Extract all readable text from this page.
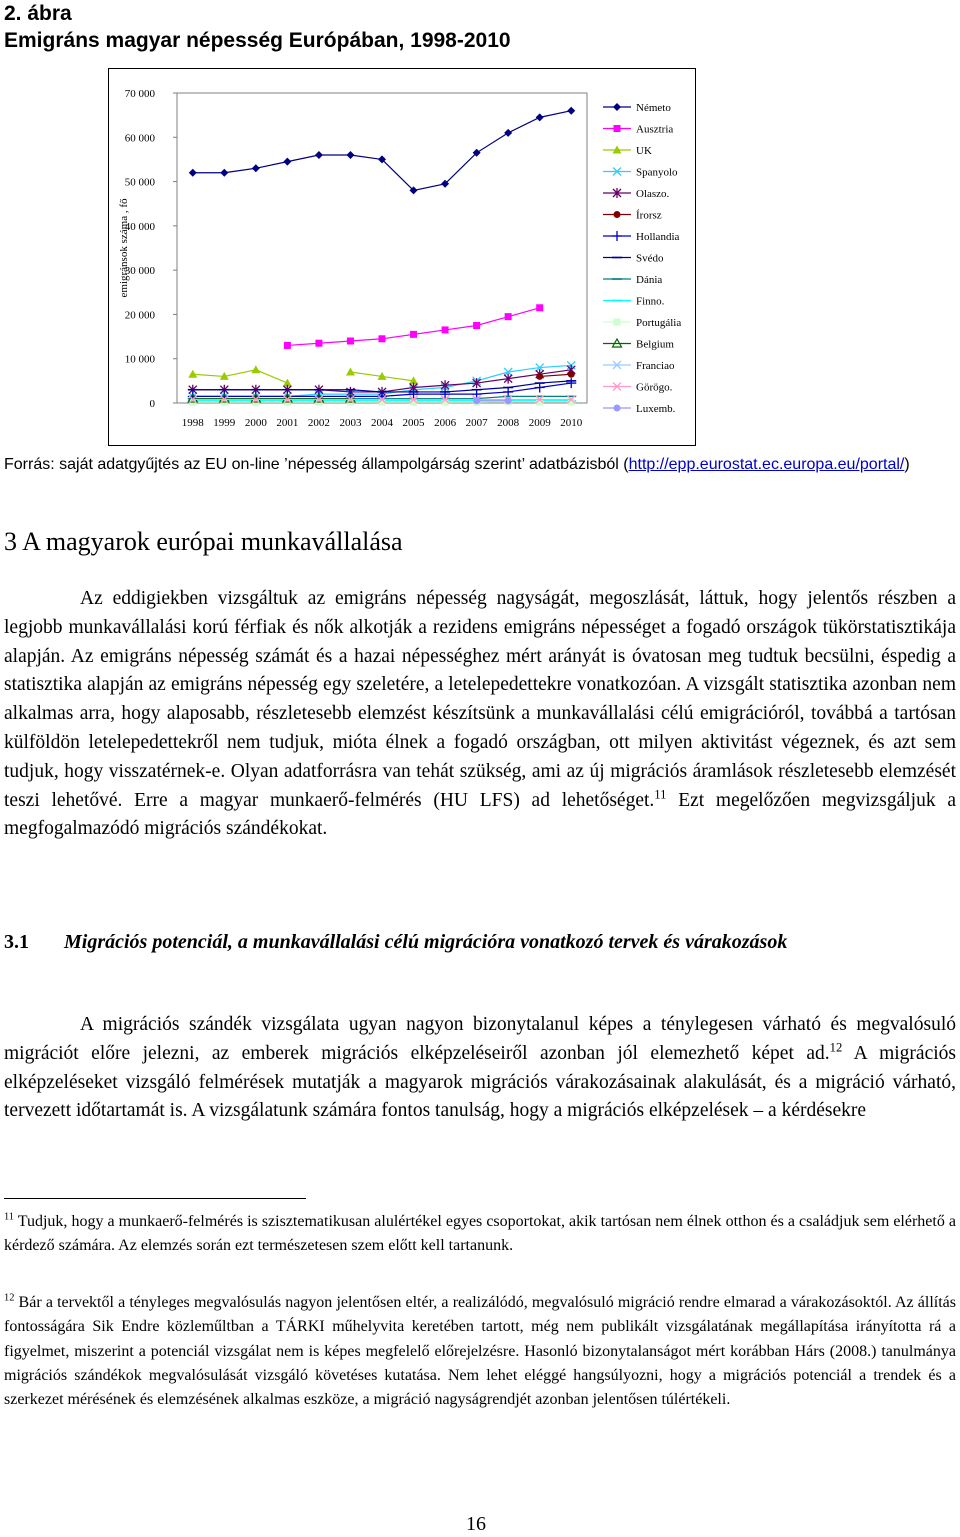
2. ábra
Emigráns magyar népesség Európában, 1998-2010
emigránsok száma , fő
70 000
60 000
50 000
40 000
30 000
20 000
10 000
0
1998 1999 2000 2001 2002 2003 2004 2005 2006 2007 2008 2009 2010
Németo
Ausztria
UK
Spanyolo
Olaszo.
Írorsz
Hollandia
Svédo
Dánia
Finno.
Portugália
Belgium
Franciao
Görögo.
Luxemb.
Forrás: saját adatgyűjtés az EU on-line ’népesség állampolgárság szerint’ adatbázisból (http://epp.eurostat.ec.europa.eu/portal/)
3 A magyarok európai munkavállalása
Az eddigiekben vizsgáltuk az emigráns népesség nagyságát, megoszlását, láttuk, hogy jelentős részben a legjobb munkavállalási korú férfiak és nők alkotják a rezidens emigráns népességet a fogadó országok tükörstatisztikája alapján. Az emigráns népesség számát és a hazai népességhez mért arányát is óvatosan meg tudtuk becsülni, éspedig a statisztika alapján az emigráns népesség egy szeletére, a letelepedettekre vonatkozóan. A vizsgált statisztika azonban nem alkalmas arra, hogy alaposabb, részletesebb elemzést készítsünk a munkavállalási célú emigrációról, továbbá a tartósan külföldön letelepedettekről nem tudjuk, mióta élnek a fogadó országban, ott milyen aktivitást végeznek, és azt sem tudjuk, hogy visszatérnek-e. Olyan adatforrásra van tehát szükség, ami az új migrációs áramlások részletesebb elemzését teszi lehetővé. Erre a magyar munkaerő-felmérés (HU LFS) ad lehetőséget.$^{11}$ Ezt megelőzően megvizsgáljuk a megfogalmazódó migrációs szándékokat.
3.1 Migrációs potenciál, a munkavállalási célú migrációra vonatkozó tervek és várakozások
A migrációs szándék vizsgálata ugyan nagyon bizonytalanul képes a ténylegesen várható és megvalósuló migrációt előre jelezni, az emberek migrációs elképzeléseiről azonban jól elemezhető képet ad.$^{12}$ A migrációs elképzeléseket vizsgáló felmérések mutatják a magyarok migrációs várakozásainak alakulását, és a migráció várható, tervezett időtartamát is. A vizsgálatunk számára fontos tanulság, hogy a migrációs elképzelések – a kérdésekre
$^{11}$ Tudjuk, hogy a munkaerő-felmérés is szisztematikusan alulértékel egyes csoportokat, akik tartósan nem élnek otthon és a családjuk sem elérhető a kérdező számára. Az elemzés során ezt természetesen szem előtt kell tartanunk.
$^{12}$ Bár a tervektől a tényleges megvalósulás nagyon jelentősen eltér, a realizálódó, megvalósuló migráció rendre elmarad a várakozásoktól. Az állítás fontosságára Sik Endre közleműltban a TÁRKI műhelyvita keretében tartott, még nem publikált vizsgálatának megállapítása irányította rá a figyelmet, miszerint a potenciál vizsgálat nem is képes megfelelő előrejelzésre. Hasonló bizonytalanságot mért korábban Hárs (2008.) tanulmánya migrációs szándékok megvalósulását vizsgáló követéses kutatása. Nem lehet eléggé hangsúlyozni, hogy a migrációs potenciál a trendek és a szerkezet mérésének és elemzésének alkalmas eszköze, a migráció nagyságrendjét azonban jelentősen túlértékeli.
16
